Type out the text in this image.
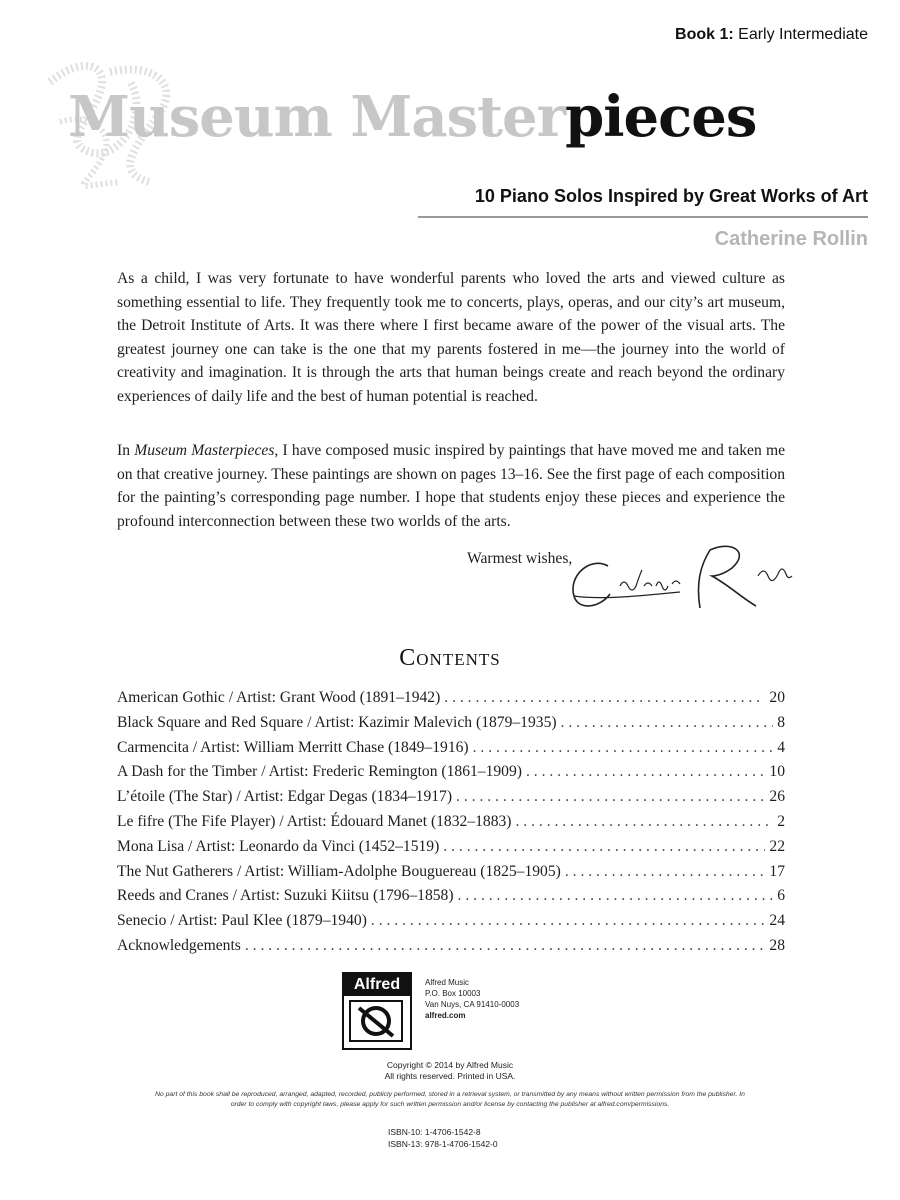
Book 1: Early Intermediate
Museum Masterpieces
10 Piano Solos Inspired by Great Works of Art
Catherine Rollin

As a child, I was very fortunate to have wonderful parents who loved the arts and viewed culture as something essential to life. They frequently took me to concerts, plays, operas, and our city’s art museum, the Detroit Institute of Arts. It was there where I first became aware of the power of the visual arts. The greatest journey one can take is the one that my parents fostered in me—the journey into the world of creativity and imagination. It is through the arts that human beings create and reach beyond the ordinary experiences of daily life and the best of human potential is reached.

In Museum Masterpieces, I have composed music inspired by paintings that have moved me and taken me on that creative journey. These paintings are shown on pages 13–16. See the first page of each composition for the painting’s corresponding page number. I hope that students enjoy these pieces and experience the profound interconnection between these two worlds of the arts.

Warmest wishes,
Contents
American Gothic / Artist: Grant Wood (1891–1942) . . .	20
Black Square and Red Square / Artist: Kazimir Malevich (1879–1935) . . .	8
Carmencita / Artist: William Merritt Chase (1849–1916) . . .	4
A Dash for the Timber / Artist: Frederic Remington (1861–1909) . . .	10
L’étoile (The Star) / Artist: Edgar Degas (1834–1917) . . .	26
Le fifre (The Fife Player) / Artist: Édouard Manet (1832–1883) . . .	2
Mona Lisa / Artist: Leonardo da Vinci (1452–1519) . . .	22
The Nut Gatherers / Artist: William-Adolphe Bouguereau (1825–1905) . . .	17
Reeds and Cranes / Artist: Suzuki Kiitsu (1796–1858) . . .	6
Senecio / Artist: Paul Klee (1879–1940) . . .	24
Acknowledgements . . .	28
Alfred	Alfred Music
P.O. Box 10003
Van Nuys, CA 91410-0003
alfred.com
Copyright © 2014 by Alfred Music
All rights reserved. Printed in USA.
No part of this book shall be reproduced, arranged, adapted, recorded, publicly performed, stored in a retrieval system, or transmitted by any means without written permission from the publisher. In order to comply with copyright laws, please apply for such written permission and/or license by contacting the publisher at alfred.com/permissions.
ISBN-10: 1-4706-1542-8
ISBN-13: 978-1-4706-1542-0
